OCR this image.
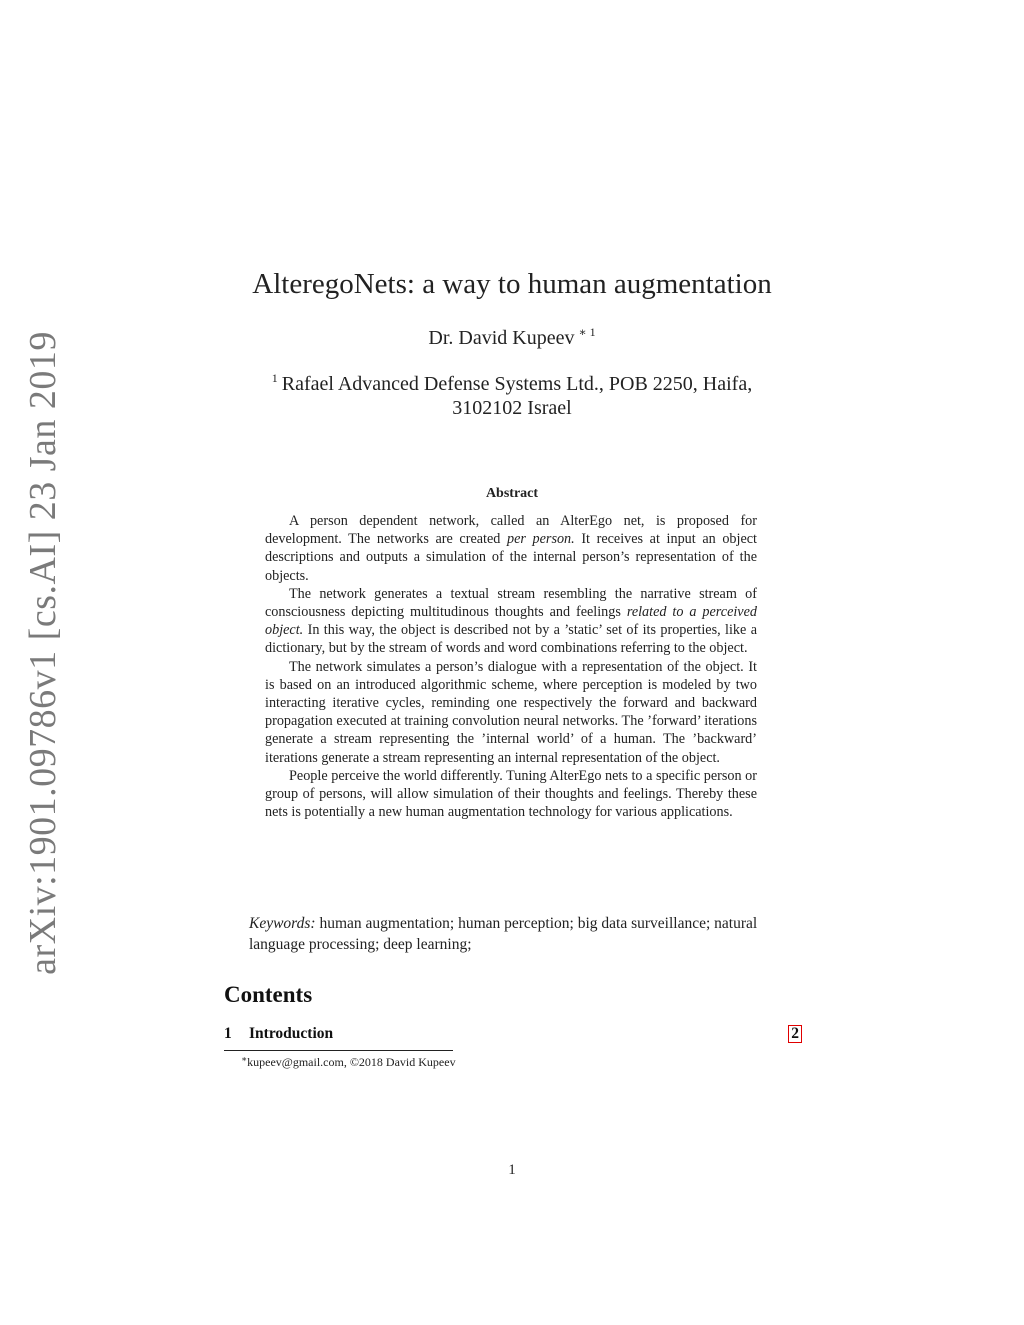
arXiv:1901.09786v1 [cs.AI] 23 Jan 2019
AlteregoNets: a way to human augmentation
Dr. David Kupeev $^{∗ 1}$
$^1$ Rafael Advanced Defense Systems Ltd., POB 2250, Haifa,
3102102 Israel
Abstract

A person dependent network, called an AlterEgo net, is proposed for development. The networks are created per person. It receives at input an object descriptions and outputs a simulation of the internal person’s representation of the objects.

The network generates a textual stream resembling the narrative stream of consciousness depicting multitudinous thoughts and feelings related to a perceived object. In this way, the object is described not by a ’static’ set of its properties, like a dictionary, but by the stream of words and word combinations referring to the object.

The network simulates a person’s dialogue with a representation of the object. It is based on an introduced algorithmic scheme, where perception is modeled by two interacting iterative cycles, reminding one respectively the forward and backward propagation executed at training convolution neural networks. The ’forward’ iterations generate a stream representing the ’internal world’ of a human. The ’backward’ iterations generate a stream representing an internal representation of the object.

People perceive the world differently. Tuning AlterEgo nets to a specific person or group of persons, will allow simulation of their thoughts and feelings. Thereby these nets is potentially a new human augmentation technology for various applications.

Keywords: human augmentation; human perception; big data surveillance; natural language processing; deep learning;
Contents
1 Introduction	2
∗kupeev@gmail.com, ©2018 David Kupeev
1
